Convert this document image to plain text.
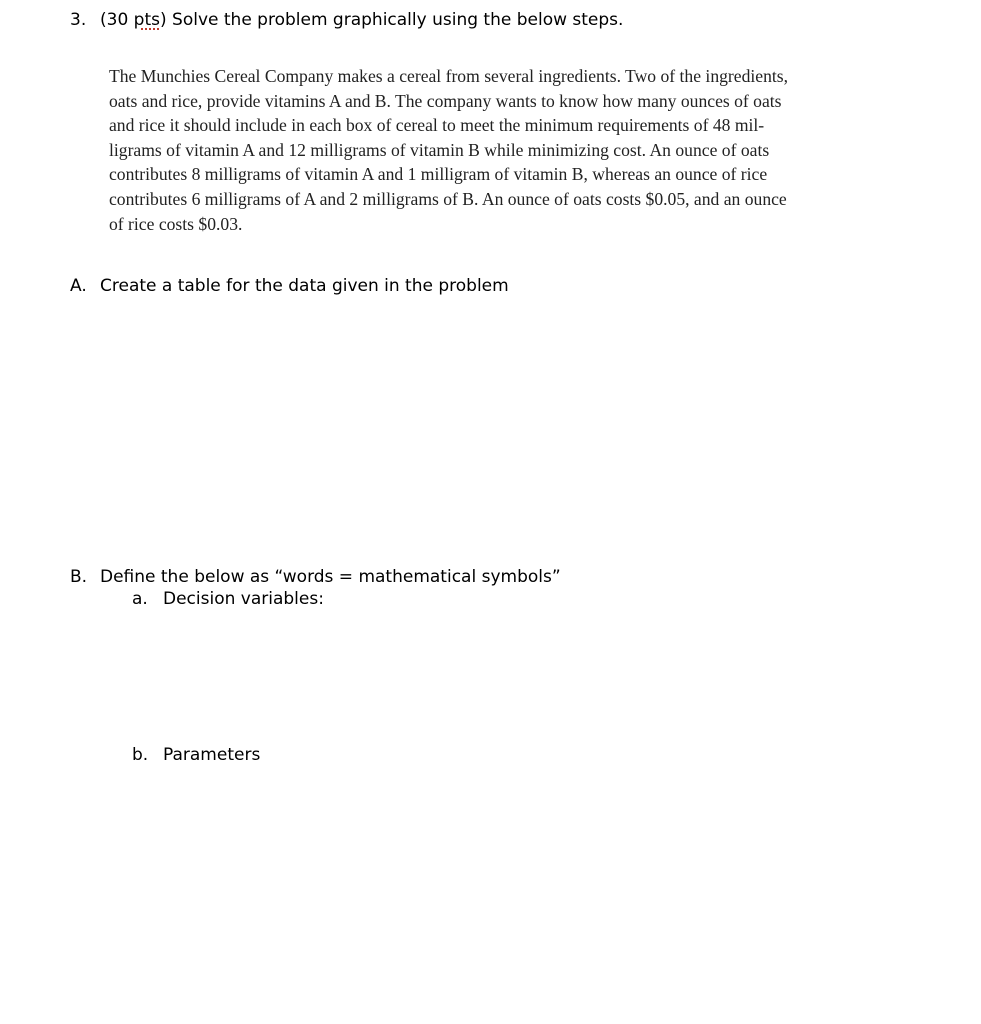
3. (30 pts) Solve the problem graphically using the below steps.
The Munchies Cereal Company makes a cereal from several ingredients. Two of the ingredients,
oats and rice, provide vitamins A and B. The company wants to know how many ounces of oats
and rice it should include in each box of cereal to meet the minimum requirements of 48 mil-
ligrams of vitamin A and 12 milligrams of vitamin B while minimizing cost. An ounce of oats
contributes 8 milligrams of vitamin A and 1 milligram of vitamin B, whereas an ounce of rice
contributes 6 milligrams of A and 2 milligrams of B. An ounce of oats costs $0.05, and an ounce
of rice costs $0.03.
A. Create a table for the data given in the problem
B. Define the below as “words = mathematical symbols”
a. Decision variables:
b. Parameters
